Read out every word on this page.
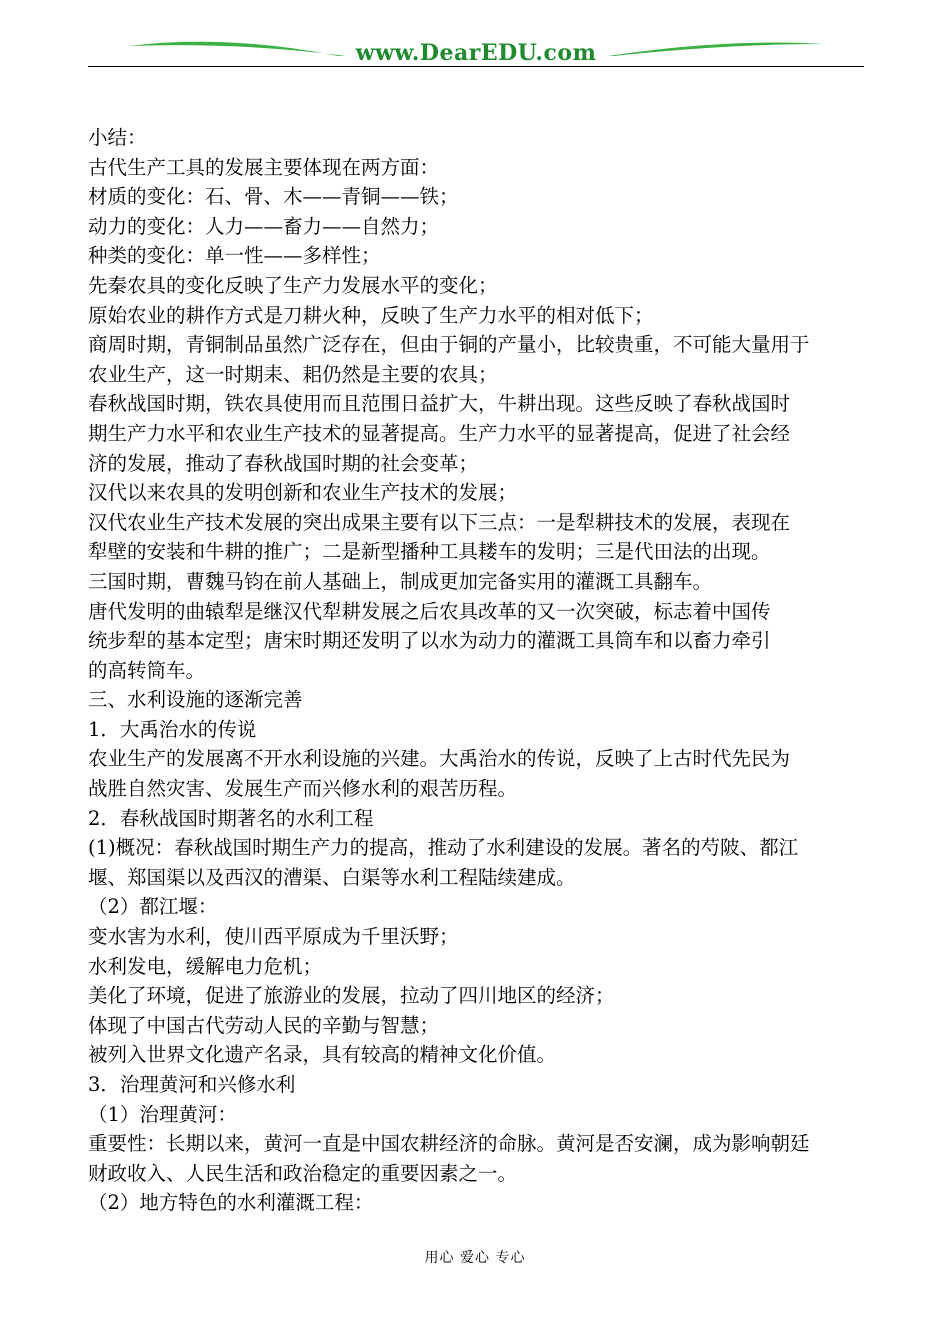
www.DearEDU.com
小结：
古代生产工具的发展主要体现在两方面：
材质的变化：石、骨、木——青铜——铁；
动力的变化：人力——畜力——自然力；
种类的变化：单一性——多样性；
先秦农具的变化反映了生产力发展水平的变化；
原始农业的耕作方式是刀耕火种，反映了生产力水平的相对低下；
商周时期，青铜制品虽然广泛存在，但由于铜的产量小，比较贵重，不可能大量用于
农业生产，这一时期耒、耜仍然是主要的农具；
春秋战国时期，铁农具使用而且范围日益扩大，牛耕出现。这些反映了春秋战国时
期生产力水平和农业生产技术的显著提高。生产力水平的显著提高，促进了社会经
济的发展，推动了春秋战国时期的社会变革；
汉代以来农具的发明创新和农业生产技术的发展；
汉代农业生产技术发展的突出成果主要有以下三点：一是犁耕技术的发展，表现在
犁壁的安装和牛耕的推广；二是新型播种工具耧车的发明；三是代田法的出现。
三国时期，曹魏马钧在前人基础上，制成更加完备实用的灌溉工具翻车。
唐代发明的曲辕犁是继汉代犁耕发展之后农具改革的又一次突破，标志着中国传
统步犁的基本定型；唐宋时期还发明了以水为动力的灌溉工具筒车和以畜力牵引
的高转筒车。
三、水利设施的逐渐完善
1．大禹治水的传说
农业生产的发展离不开水利设施的兴建。大禹治水的传说，反映了上古时代先民为
战胜自然灾害、发展生产而兴修水利的艰苦历程。
2．春秋战国时期著名的水利工程
(1)概况：春秋战国时期生产力的提高，推动了水利建设的发展。著名的芍陂、都江
堰、郑国渠以及西汉的漕渠、白渠等水利工程陆续建成。
（2）都江堰：
变水害为水利，使川西平原成为千里沃野；
水利发电，缓解电力危机；
美化了环境，促进了旅游业的发展，拉动了四川地区的经济；
体现了中国古代劳动人民的辛勤与智慧；
被列入世界文化遗产名录，具有较高的精神文化价值。
3．治理黄河和兴修水利
（1）治理黄河：
重要性：长期以来，黄河一直是中国农耕经济的命脉。黄河是否安澜，成为影响朝廷
财政收入、人民生活和政治稳定的重要因素之一。
（2）地方特色的水利灌溉工程：
用心 爱心 专心
